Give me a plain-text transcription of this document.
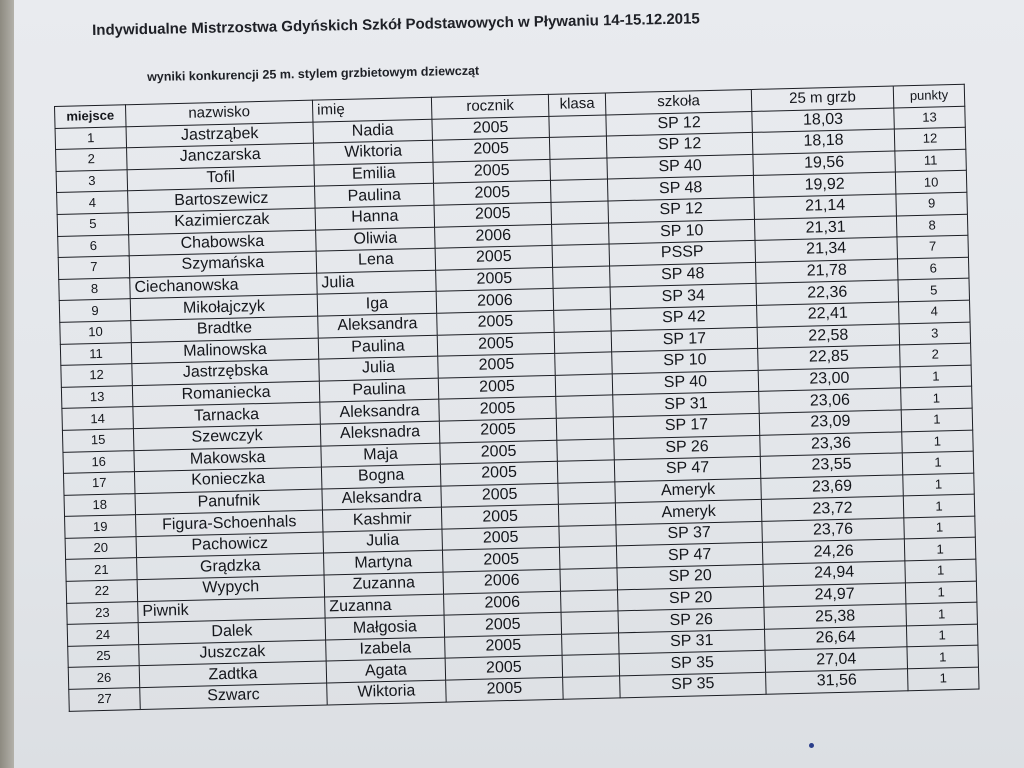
Indywidualne Mistrzostwa Gdyńskich Szkół Podstawowych w Pływaniu 14-15.12.2015
wyniki konkurencji 25 m. stylem grzbietowym dziewcząt
miejsce	nazwisko	imię	rocznik	klasa	szkoła	25 m grzb	punkty
1	Jastrząbek	Nadia	2005		SP 12	18,03	13
2	Janczarska	Wiktoria	2005		SP 12	18,18	12
3	Tofil	Emilia	2005		SP 40	19,56	11
4	Bartoszewicz	Paulina	2005		SP 48	19,92	10
5	Kazimierczak	Hanna	2005		SP 12	21,14	9
6	Chabowska	Oliwia	2006		SP 10	21,31	8
7	Szymańska	Lena	2005		PSSP	21,34	7
8	Ciechanowska	Julia	2005		SP 48	21,78	6
9	Mikołajczyk	Iga	2006		SP 34	22,36	5
10	Bradtke	Aleksandra	2005		SP 42	22,41	4
11	Malinowska	Paulina	2005		SP 17	22,58	3
12	Jastrzębska	Julia	2005		SP 10	22,85	2
13	Romaniecka	Paulina	2005		SP 40	23,00	1
14	Tarnacka	Aleksandra	2005		SP 31	23,06	1
15	Szewczyk	Aleksnadra	2005		SP 17	23,09	1
16	Makowska	Maja	2005		SP 26	23,36	1
17	Konieczka	Bogna	2005		SP 47	23,55	1
18	Panufnik	Aleksandra	2005		Ameryk	23,69	1
19	Figura-Schoenhals	Kashmir	2005		Ameryk	23,72	1
20	Pachowicz	Julia	2005		SP 37	23,76	1
21	Grądzka	Martyna	2005		SP 47	24,26	1
22	Wypych	Zuzanna	2006		SP 20	24,94	1
23	Piwnik	Zuzanna	2006		SP 20	24,97	1
24	Dalek	Małgosia	2005		SP 26	25,38	1
25	Juszczak	Izabela	2005		SP 31	26,64	1
26	Zadtka	Agata	2005		SP 35	27,04	1
27	Szwarc	Wiktoria	2005		SP 35	31,56	1
